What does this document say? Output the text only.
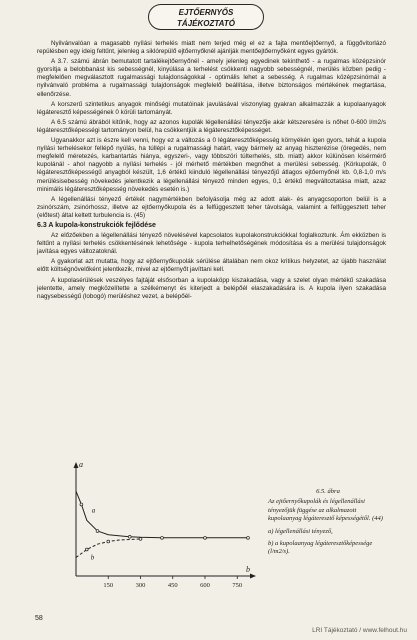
EJTŐERNYŐS
TÁJÉKOZTATÓ

Nyilvánvalóan a magasabb nyílási terhelés miatt nem terjed még el ez a fajta mentőejtőernyő, a függővitorlázó repülésben egy ideig feltűnt, jelenleg a siklórepülő ejtőernyőknél ajánlják mentőejtőernyőként egyes gyártók.

A 3.7. számú ábrán bemutatott tartalékejtőernyőnél - amely jelenleg egyedinek tekinthető - a rugalmas középzsinór gyorsítja a belobbanást kis sebességnél, kinyúlása a terhelést csökkenti nagyobb sebességnél, merülés közben pedig - megfelelően megválasztott rugalmassági tulajdonságokkal - optimális lehet a sebesség. A rugalmas középzsinórnál a nyilvánvaló probléma a rugalmassági tulajdonságok megfelelő beállítása, illetve biztonságos mértékének megtartása, ellenőrzése.

A korszerű szintetikus anyagok minőségi mutatóinak javulásával viszonylag gyakran alkalmazzák a kupolaanyagok légáteresztő képességének 0 körüli tartományát.

A 6.5 számú ábrából kitűnik, hogy az azonos kupolák légellenállási tényezője akár kétszeresére is nőhet 0-600 l/m2/s légáteresztőképességi tartományon belül, ha csökkentjük a légáteresztőképességet.

Ugyanakkor azt is észre kell venni, hogy ez a változás a 0 légáteresztőképesség környékén igen gyors, tehát a kupola nyílási terhelésekor fellépő nyúlás, ha túllépi a rugalmassági határt, vagy bármely az anyag hiszterézise (öregedés, nem megfelelő méretezés, karbantartás hiánya, egyszeri-, vagy többszöri túlterhelés, stb. miatt) akkor külünösen kísérmérő kupolánál - ahol nagyobb a nyílási terhelés - jól mérhető mértékben megnőhet a merülési sebesség. (Körkupolák, 0 légáteresztőképességű anyagból készült, 1,6 értékű kiinduló légellenállási tényezőjű átlagos ejtőernyőnél kb. 0,8-1,0 m/s merülésisebesség növekedés jelentkezik a légellenállási tényező minden egyes, 0,1 értékű megváltoztatása miatt, azaz minimális légáteresztőképesség növekedés esetén is.)

A légellenállási tényező értékét nagymértékben befolyásolja még az adott alak- és anyagcsoporton belül is a zsinórszám, zsinórhossz, illetve az ejtőernyőkupola és a felfüggesztett teher távolsága, valamint a felfüggesztett teher (előtest) által keltett turbulencia is. (45)

6.3 A kupola-konstrukciók fejlődése

Az előzőekben a légellenállási tényező növelésével kapcsolatos kupolakonstrukciókkal foglalkoztunk. Ám ekközben is feltűnt a nyílási terhelés csökkentésének lehetősége - kupola terhelhetőségének módosítása és a merülési tulajdonságok javítása egyes változatoknál.

A gyakorlat azt mutatta, hogy az ejtőernyőkupolák sérülése általában nem okoz kritikus helyzetet, az újabb használat előtt költségnövelőként jelentkezik, mivel az ejtőernyőt javíttani kell.

A kupolasérülések veszélyes fajtáját elsősorban a kupolaköpp kiszakadása, vagy a szelet olyan mértékű szakadása jelentette, amely megközelítette a szélkémenyt és kiterjedt a belépőél elaszakadására is. A kupola ilyen szakadása nagysebességű (lobogó) merüléshez vezet, a belépőél-

150	300	450	600	750
a
b
a
b
6.5. ábra

Az ejtőernyőkupolák és légellenállási tényezőjük függése az alkalmazott kupolaanyag légáteresztő képességétől. (44)

a) légellenállási tényező,

b) a kupolaanyag légáteresztőképessége (l/m2/s).

58
LRI Tájékoztató / www.felhout.hu
